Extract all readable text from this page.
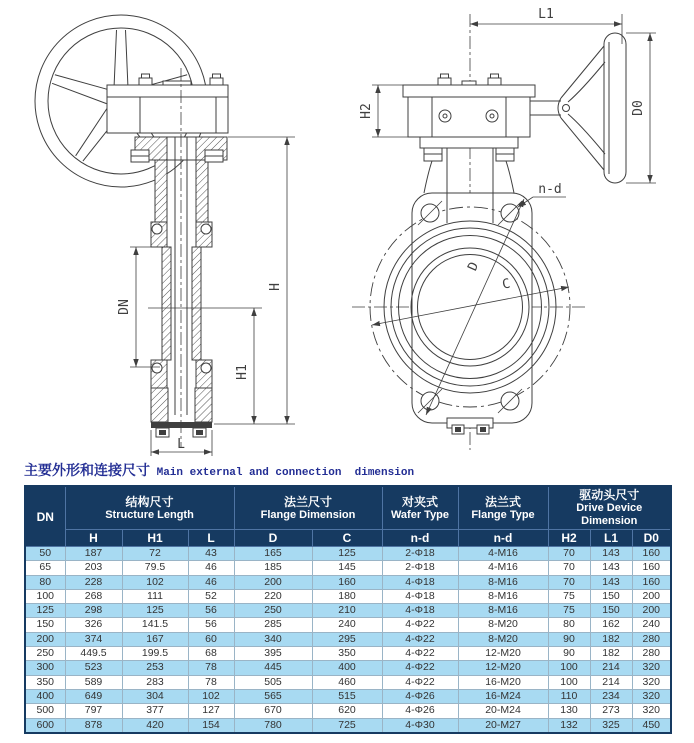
H
H1
DN
L
L1
H2	D0
D
C
n-d
主要外形和连接尺寸 Main external and connection  dimension
DN	
结构尺寸
Structure Length

法兰尺寸
Flange Dimension

对夹式
Wafer Type

法兰式
Flange Type

驱动头尺寸
Drive Device Dimension

	H	H1	L	D	C	n-d	n-d	H2	L1	D0
50	187	72	43	165	125	2-Φ18	4-M16	70	143	160
65	203	79.5	46	185	145	2-Φ18	4-M16	70	143	160
80	228	102	46	200	160	4-Φ18	8-M16	70	143	160
100	268	111	52	220	180	4-Φ18	8-M16	75	150	200
125	298	125	56	250	210	4-Φ18	8-M16	75	150	200
150	326	141.5	56	285	240	4-Φ22	8-M20	80	162	240
200	374	167	60	340	295	4-Φ22	8-M20	90	182	280
250	449.5	199.5	68	395	350	4-Φ22	12-M20	90	182	280
300	523	253	78	445	400	4-Φ22	12-M20	100	214	320
350	589	283	78	505	460	4-Φ22	16-M20	100	214	320
400	649	304	102	565	515	4-Φ26	16-M24	110	234	320
500	797	377	127	670	620	4-Φ26	20-M24	130	273	320
600	878	420	154	780	725	4-Φ30	20-M27	132	325	450
